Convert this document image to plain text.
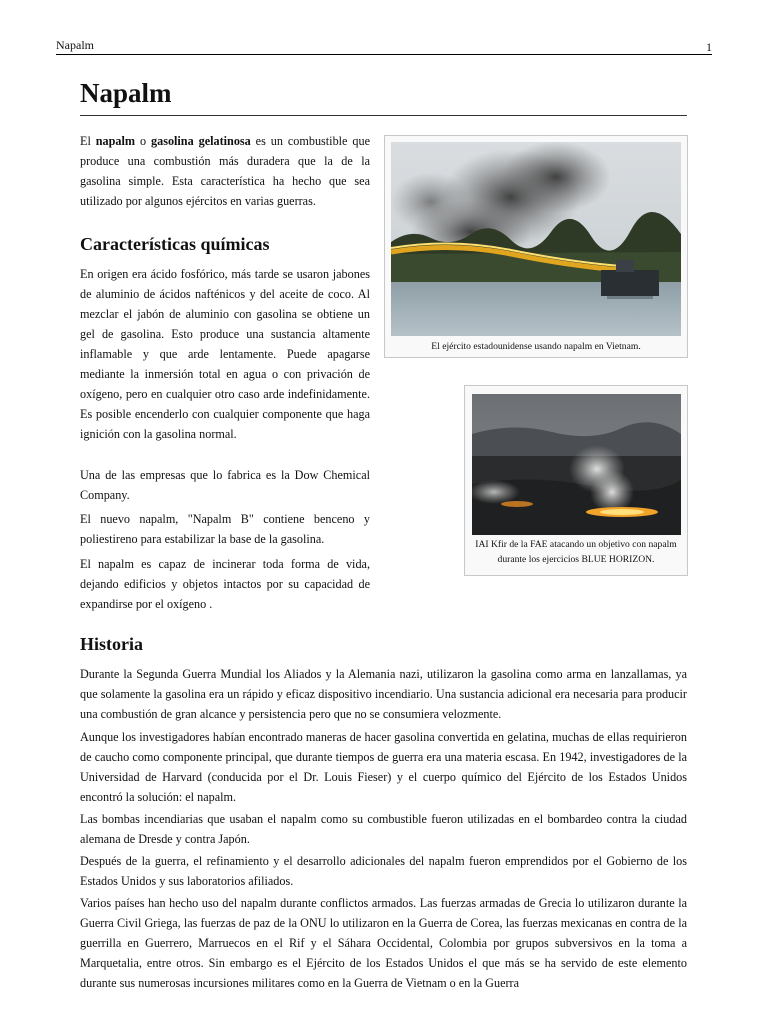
Napalm	1
Napalm

El napalm o gasolina gelatinosa es un combustible que produce una combustión más duradera que la de la gasolina simple. Esta característica ha hecho que sea utilizado por algunos ejércitos en varias guerras.

Características químicas

En origen era ácido fosfórico, más tarde se usaron jabones de aluminio de ácidos nafténicos y del aceite de coco. Al mezclar el jabón de aluminio con gasolina se obtiene un gel de gasolina. Esto produce una sustancia altamente inflamable y que arde lentamente. Puede apagarse mediante la inmersión total en agua o con privación de oxígeno, pero en cualquier otro caso arde indefinidamente. Es posible encenderlo con cualquier componente que haga ignición con la gasolina normal.

Una de las empresas que lo fabrica es la Dow Chemical Company.

El nuevo napalm, "Napalm B" contiene benceno y poliestireno para estabilizar la base de la gasolina.

El napalm es capaz de incinerar toda forma de vida, dejando edificios y objetos intactos por su capacidad de expandirse por el oxígeno .

El ejército estadounidense usando napalm en Vietnam.
IAI Kfir de la FAE atacando un objetivo con napalm durante los ejercicios BLUE HORIZON.
Historia

Durante la Segunda Guerra Mundial los Aliados y la Alemania nazi, utilizaron la gasolina como arma en lanzallamas, ya que solamente la gasolina era un rápido y eficaz dispositivo incendiario. Una sustancia adicional era necesaria para producir una combustión de gran alcance y persistencia pero que no se consumiera velozmente.

Aunque los investigadores habían encontrado maneras de hacer gasolina convertida en gelatina, muchas de ellas requirieron de caucho como componente principal, que durante tiempos de guerra era una materia escasa. En 1942, investigadores de la Universidad de Harvard (conducida por el Dr. Louis Fieser) y el cuerpo químico del Ejército de los Estados Unidos encontró la solución: el napalm.

Las bombas incendiarias que usaban el napalm como su combustible fueron utilizadas en el bombardeo contra la ciudad alemana de Dresde y contra Japón.

Después de la guerra, el refinamiento y el desarrollo adicionales del napalm fueron emprendidos por el Gobierno de los Estados Unidos y sus laboratorios afiliados.

Varios países han hecho uso del napalm durante conflictos armados. Las fuerzas armadas de Grecia lo utilizaron durante la Guerra Civil Griega, las fuerzas de paz de la ONU lo utilizaron en la Guerra de Corea, las fuerzas mexicanas en contra de la guerrilla en Guerrero, Marruecos en el Rif y el Sáhara Occidental, Colombia por grupos subversivos en la toma a Marquetalia, entre otros. Sin embargo es el Ejército de los Estados Unidos el que más se ha servido de este elemento durante sus numerosas incursiones militares como en la Guerra de Vietnam o en la Guerra
